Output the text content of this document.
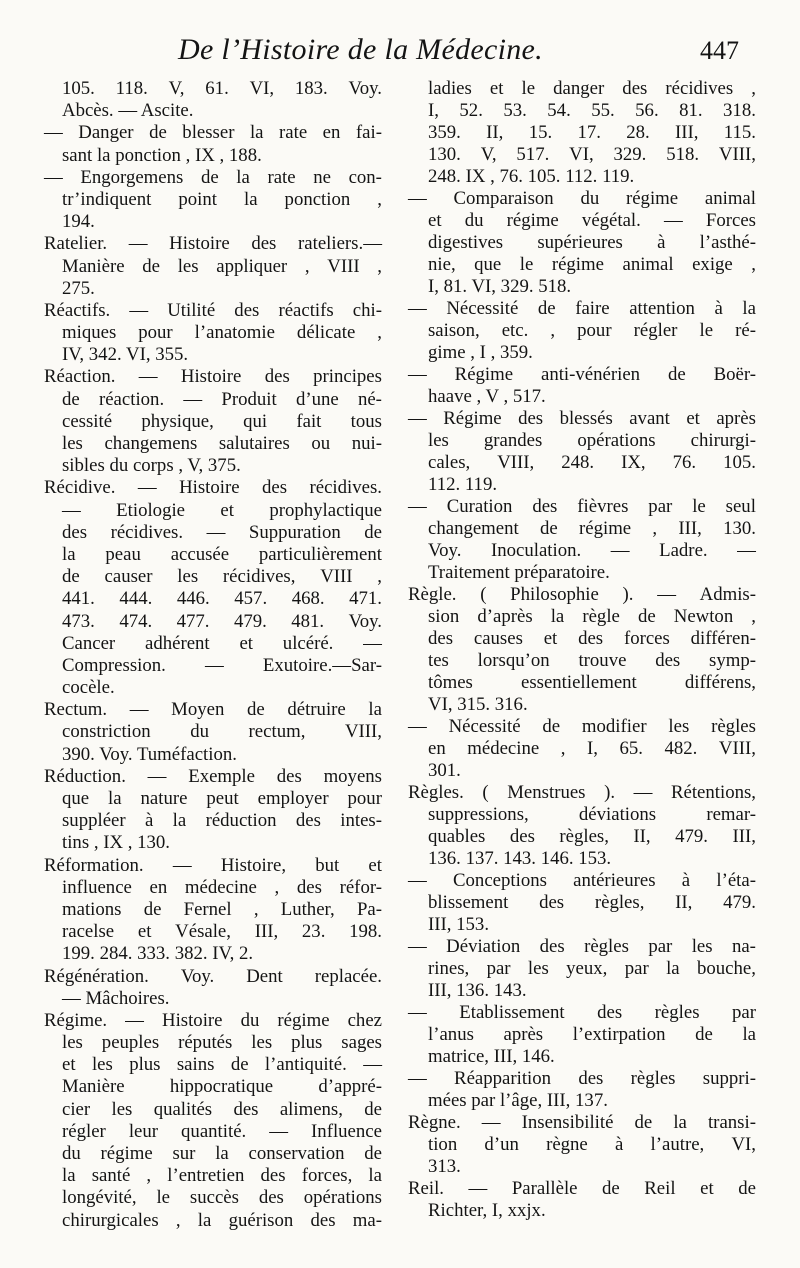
De l’Histoire de la Médecine.	447
105. 118. V, 61. VI, 183. Voy.
Abcès. — Ascite.
— Danger de blesser la rate en fai-
sant la ponction , IX , 188.
— Engorgemens de la rate ne con-
tr’indiquent point la ponction ,
194.
Ratelier. — Histoire des rateliers.—
Manière de les appliquer , VIII ,
275.
Réactifs. — Utilité des réactifs chi-
miques pour l’anatomie délicate ,
IV, 342. VI, 355.
Réaction. — Histoire des principes
de réaction. — Produit d’une né-
cessité physique, qui fait tous
les changemens salutaires ou nui-
sibles du corps , V, 375.
Récidive. — Histoire des récidives.
— Etiologie et prophylactique
des récidives. — Suppuration de
la peau accusée particulièrement
de causer les récidives, VIII ,
441. 444. 446. 457. 468. 471.
473. 474. 477. 479. 481. Voy.
Cancer adhérent et ulcéré. —
Compression. — Exutoire.—Sar-
cocèle.
Rectum. — Moyen de détruire la
constriction du rectum, VIII,
390. Voy. Tuméfaction.
Réduction. — Exemple des moyens
que la nature peut employer pour
suppléer à la réduction des intes-
tins , IX , 130.
Réformation. — Histoire, but et
influence en médecine , des réfor-
mations de Fernel , Luther, Pa-
racelse et Vésale, III, 23. 198.
199. 284. 333. 382. IV, 2.
Régénération. Voy. Dent replacée.
— Mâchoires.
Régime. — Histoire du régime chez
les peuples réputés les plus sages
et les plus sains de l’antiquité. —
Manière hippocratique d’appré-
cier les qualités des alimens, de
régler leur quantité. — Influence
du régime sur la conservation de
la santé , l’entretien des forces, la
longévité, le succès des opérations
chirurgicales , la guérison des ma-
ladies et le danger des récidives ,
I, 52. 53. 54. 55. 56. 81. 318.
359. II, 15. 17. 28. III, 115.
130. V, 517. VI, 329. 518. VIII,
248. IX , 76. 105. 112. 119.
— Comparaison du régime animal
et du régime végétal. — Forces
digestives supérieures à l’asthé-
nie, que le régime animal exige ,
I, 81. VI, 329. 518.
— Nécessité de faire attention à la
saison, etc. , pour régler le ré-
gime , I , 359.
— Régime anti-vénérien de Boër-
haave , V , 517.
— Régime des blessés avant et après
les grandes opérations chirurgi-
cales, VIII, 248. IX, 76. 105.
112. 119.
— Curation des fièvres par le seul
changement de régime , III, 130.
Voy. Inoculation. — Ladre. —
Traitement préparatoire.
Règle. ( Philosophie ). — Admis-
sion d’après la règle de Newton ,
des causes et des forces différen-
tes lorsqu’on trouve des symp-
tômes	essentiellement	différens,
VI, 315. 316.
— Nécessité de modifier les règles
en médecine , I, 65. 482. VIII,
301.
Règles. ( Menstrues ). — Rétentions,
suppressions,	déviations	remar-
quables des règles, II, 479. III,
136. 137. 143. 146. 153.
— Conceptions antérieures à l’éta-
blissement des règles, II, 479.
III, 153.
— Déviation des règles par les na-
rines, par les yeux, par la bouche,
III, 136. 143.
— Etablissement des règles par
l’anus après l’extirpation de la
matrice, III, 146.
— Réapparition des règles suppri-
mées par l’âge, III, 137.
Règne. — Insensibilité de la transi-
tion d’un règne à l’autre, VI,
313.
Reil. — Parallèle de Reil et de
Richter, I, xxjx.
